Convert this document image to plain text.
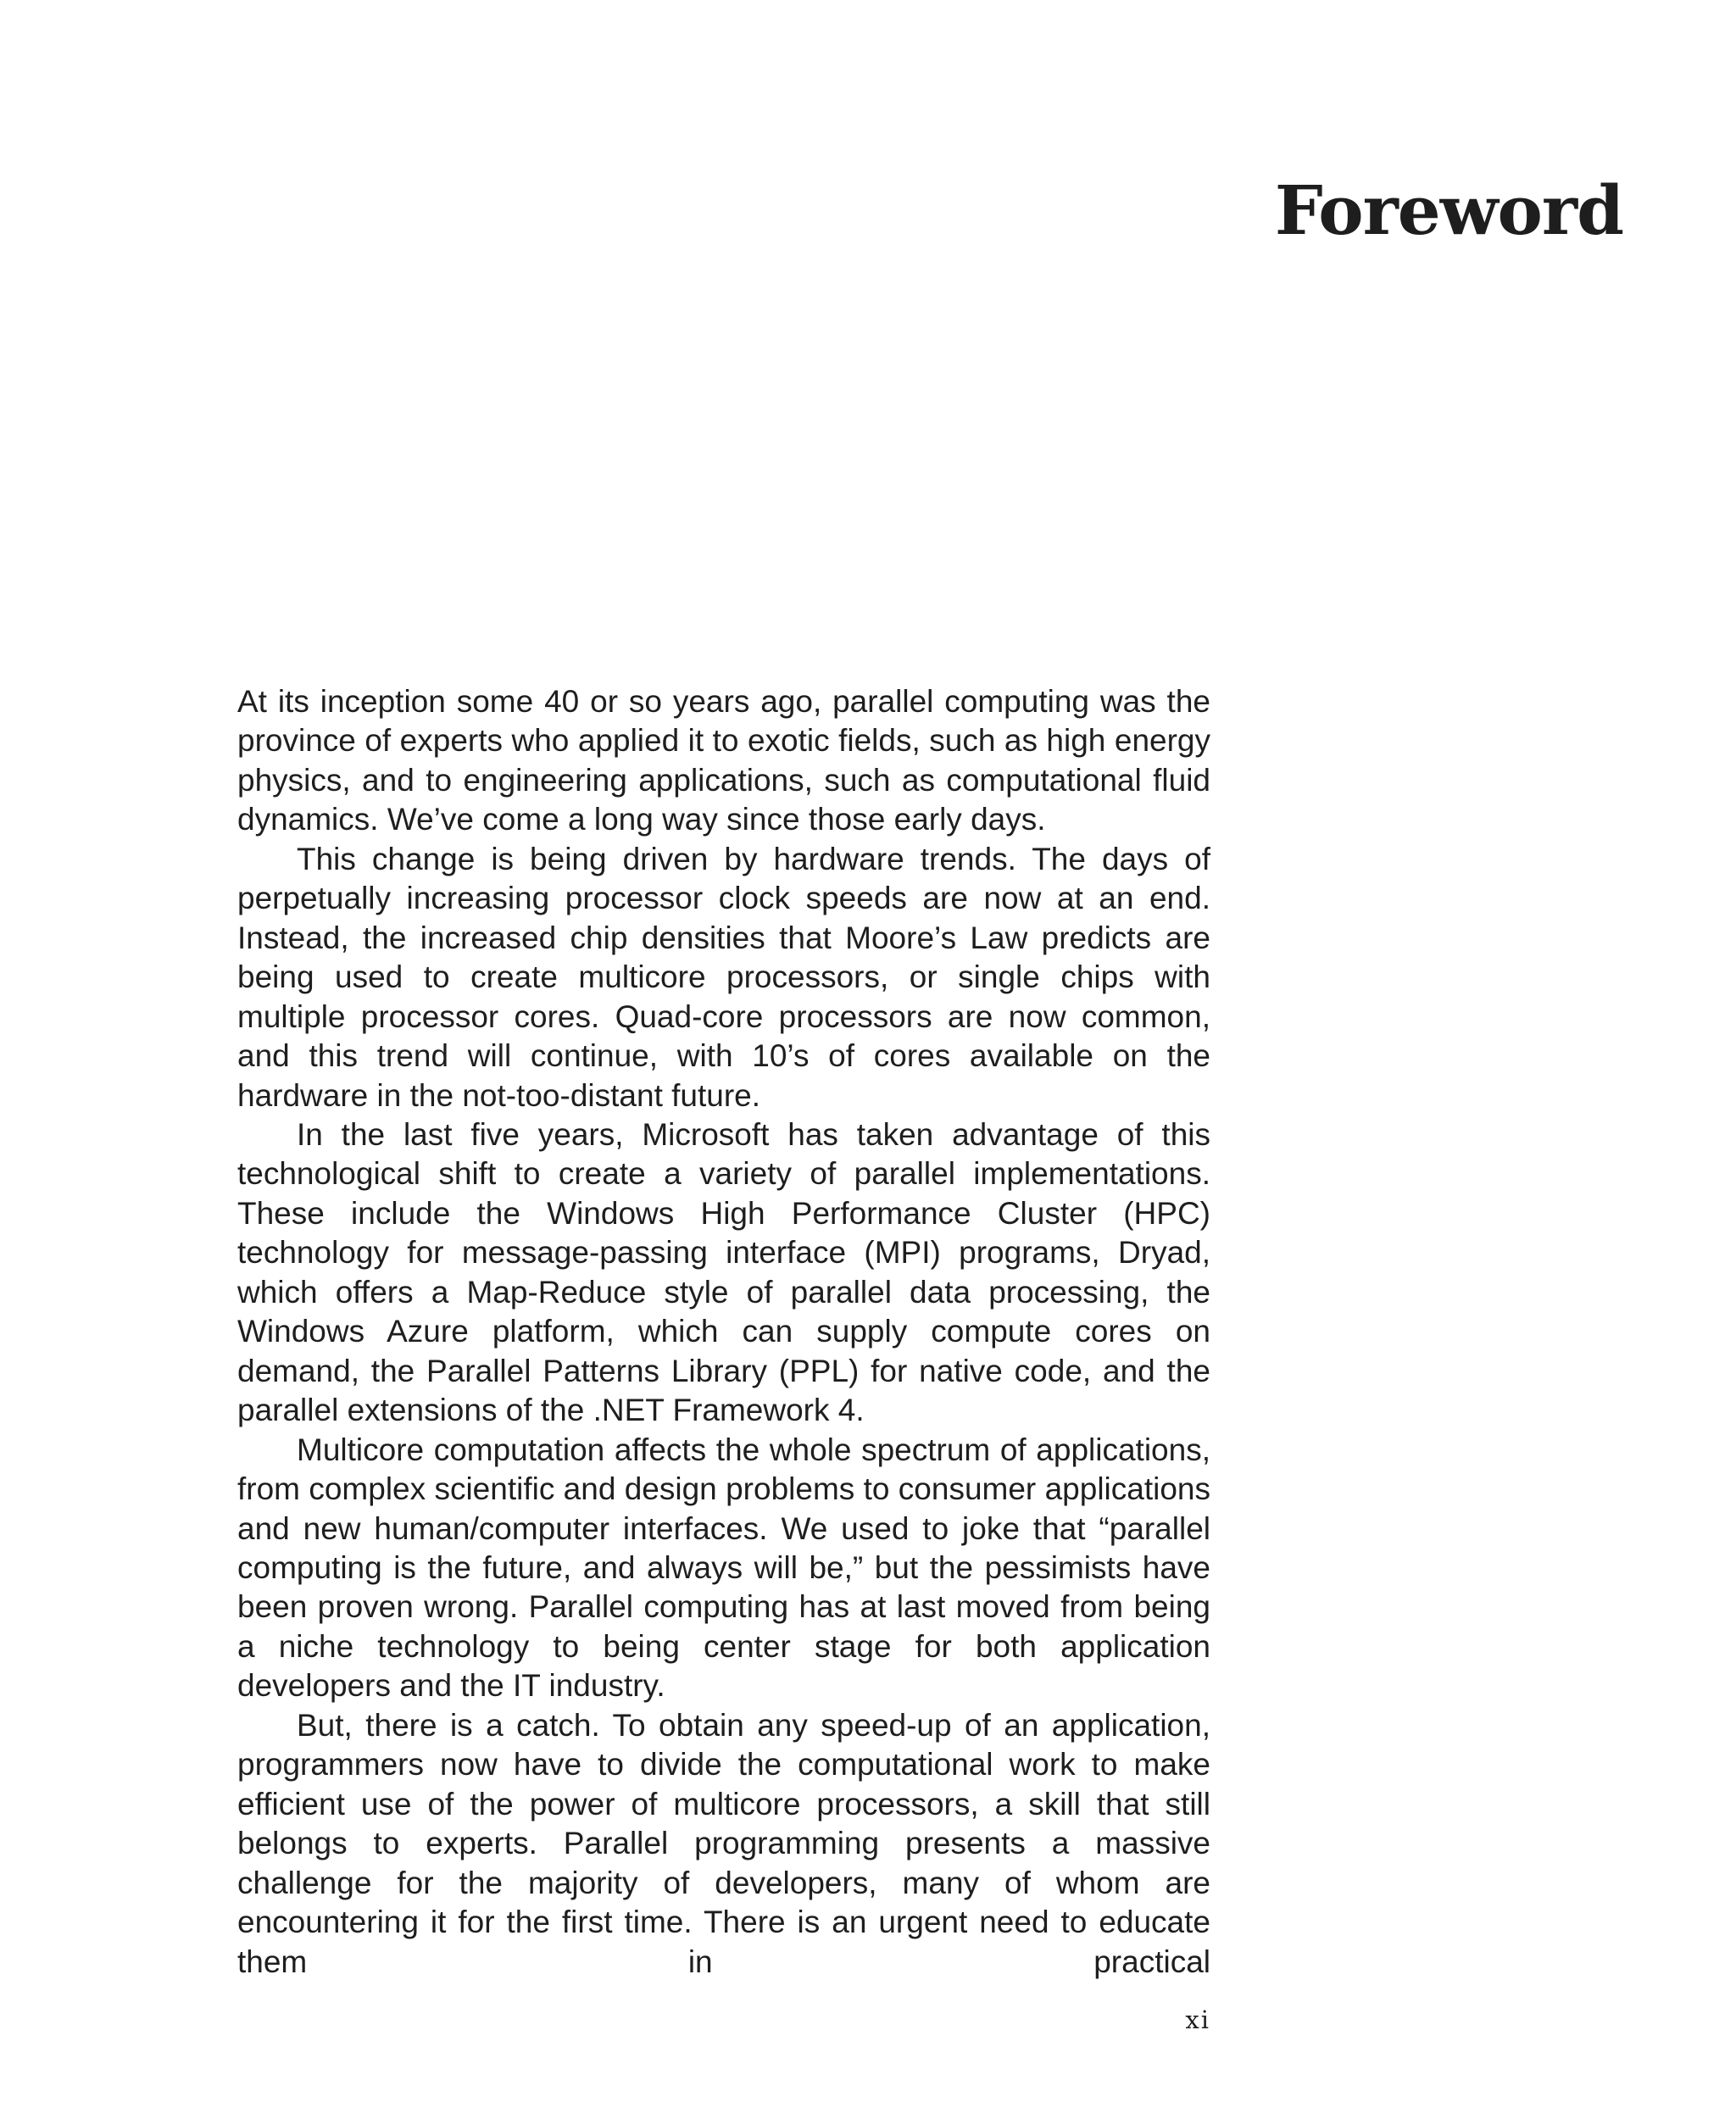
Foreword

At its inception some 40 or so years ago, parallel computing was the province of experts who applied it to exotic fields, such as high energy physics, and to engineering applications, such as computational fluid dynamics. We’ve come a long way since those early days.

This change is being driven by hardware trends. The days of perpetually increasing processor clock speeds are now at an end. Instead, the increased chip densities that Moore’s Law predicts are being used to create multicore processors, or single chips with multiple processor cores. Quad-core processors are now common, and this trend will continue, with 10’s of cores available on the hardware in the not-too-distant future.

In the last five years, Microsoft has taken advantage of this technological shift to create a variety of parallel implementations. These include the Windows High Performance Cluster (HPC) technology for message-passing interface (MPI) programs, Dryad, which offers a Map-Reduce style of parallel data processing, the Windows Azure platform, which can supply compute cores on demand, the Parallel Patterns Library (PPL) for native code, and the parallel extensions of the .NET Framework 4.

Multicore computation affects the whole spectrum of applications, from complex scientific and design problems to consumer applications and new human/computer interfaces. We used to joke that “parallel computing is the future, and always will be,” but the pessimists have been proven wrong. Parallel computing has at last moved from being a niche technology to being center stage for both application developers and the IT industry.

But, there is a catch. To obtain any speed-up of an application, programmers now have to divide the computational work to make efficient use of the power of multicore processors, a skill that still belongs to experts. Parallel programming presents a massive challenge for the majority of developers, many of whom are encountering it for the first time. There is an urgent need to educate them in practical

xi
